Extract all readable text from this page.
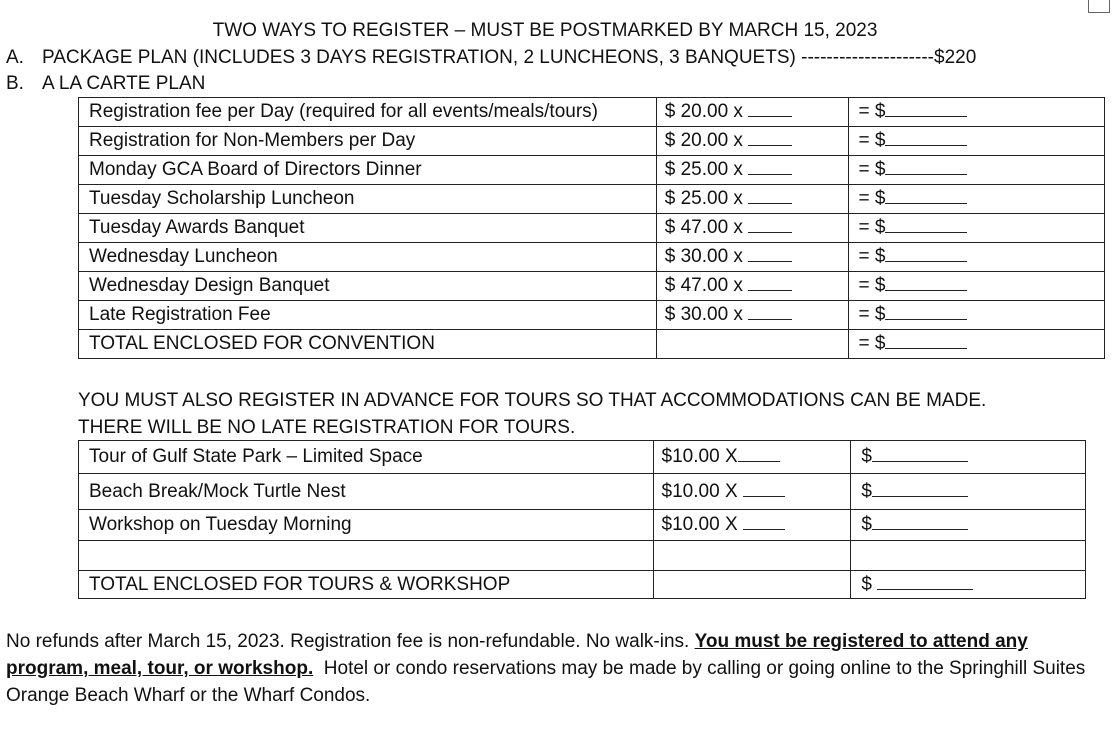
TWO WAYS TO REGISTER – MUST BE POSTMARKED BY MARCH 15, 2023
A. PACKAGE PLAN (INCLUDES 3 DAYS REGISTRATION, 2 LUNCHEONS, 3 BANQUETS) ---------------------$220
B. A LA CARTE PLAN
Registration fee per Day (required for all events/meals/tours)	$ 20.00 x	= $
Registration for Non-Members per Day	$ 20.00 x	= $
Monday GCA Board of Directors Dinner	$ 25.00 x	= $
Tuesday Scholarship Luncheon	$ 25.00 x	= $
Tuesday Awards Banquet	$ 47.00 x	= $
Wednesday Luncheon	$ 30.00 x	= $
Wednesday Design Banquet	$ 47.00 x	= $
Late Registration Fee	$ 30.00 x	= $
TOTAL ENCLOSED FOR CONVENTION		= $
YOU MUST ALSO REGISTER IN ADVANCE FOR TOURS SO THAT ACCOMMODATIONS CAN BE MADE.
THERE WILL BE NO LATE REGISTRATION FOR TOURS.
Tour of Gulf State Park – Limited Space	$10.00 X	$
Beach Break/Mock Turtle Nest	$10.00 X	$
Workshop on Tuesday Morning	$10.00 X	$

TOTAL ENCLOSED FOR TOURS & WORKSHOP		$
No refunds after March 15, 2023. Registration fee is non-refundable. No walk-ins. You must be registered to attend any program, meal, tour, or workshop.  Hotel or condo reservations may be made by calling or going online to the Springhill Suites Orange Beach Wharf or the Wharf Condos.
